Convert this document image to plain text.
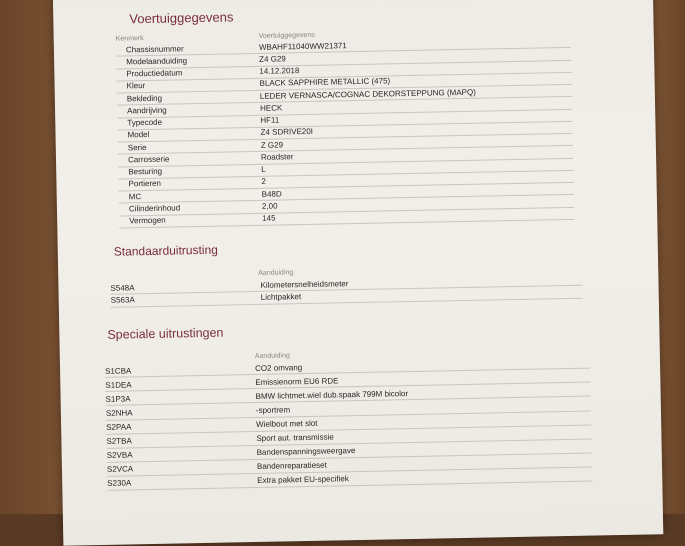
Voertuiggegevens
Kenmerk	Voertuiggegevens
Chassisnummer	WBAHF11040WW21371
Modelaanduiding	Z4 G29
Productiedatum	14.12.2018
Kleur	BLACK SAPPHIRE METALLIC (475)
Bekleding	LEDER VERNASCA/COGNAC DEKORSTEPPUNG (MAPQ)
Aandrijving	HECK
Typecode	HF11
Model	Z4 SDRIVE20I
Serie	Z G29
Carrosserie	Roadster
Besturing	L
Portieren	2
MC	B48D
Cilinderinhoud	2,00
Vermogen	145
Standaarduitrusting
Aanduiding
S548A	Kilometersnelheidsmeter
S563A	Lichtpakket
Speciale uitrustingen
Aanduiding
S1CBA	CO2 omvang
S1DEA	Emissienorm EU6 RDE
S1P3A	BMW lichtmet.wiel dub.spaak 799M bicolor
S2NHA	-sportrem
S2PAA	Wielbout met slot
S2TBA	Sport aut. transmissie
S2VBA	Bandenspanningsweergave
S2VCA	Bandenreparatieset
S230A	Extra pakket EU-specifiek
